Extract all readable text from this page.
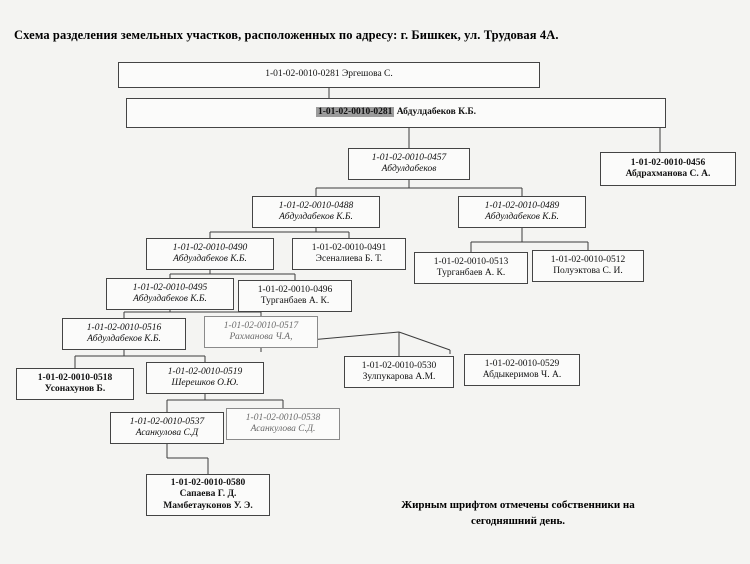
Схема разделения земельных участков, расположенных по адресу: г. Бишкек, ул. Трудовая 4А.
1-01-02-0010-0281 Эргешова С.
1-01-02-0010-0281 Абдулдабеков К.Б.
1-01-02-0010-0457
Абдулдабеков
1-01-02-0010-0456
Абдрахманова С. А.
1-01-02-0010-0488
Абдулдабеков К.Б.
1-01-02-0010-0489
Абдулдабеков К.Б.
1-01-02-0010-0490
Абдулдабеков К.Б.
1-01-02-0010-0491
Эсеналиева Б. Т.	1-01-02-0010-0513
Турганбаев А. К.
1-01-02-0010-0512
Полуэктова С. И.
1-01-02-0010-0495
Абдулдабеков К.Б.
1-01-02-0010-0496
Турганбаев А. К.
1-01-02-0010-0516
Абдулдабеков К.Б.
1-01-02-0010-0517
Рахманова Ч.А,
1-01-02-0010-0530
Зулпукарова А.М.
1-01-02-0010-0529
Абдыкеримов Ч. А.
1-01-02-0010-0518
Усонахунов Б.
1-01-02-0010-0519
Шерешков О.Ю.
1-01-02-0010-0537
Асанкулова С.Д
1-01-02-0010-0538
Асанкулова С.Д.
1-01-02-0010-0580
Сапаева Г. Д.
Мамбетауконов У. Э.	Жирным шрифтом отмечены собственники на
сегодняшний день.
